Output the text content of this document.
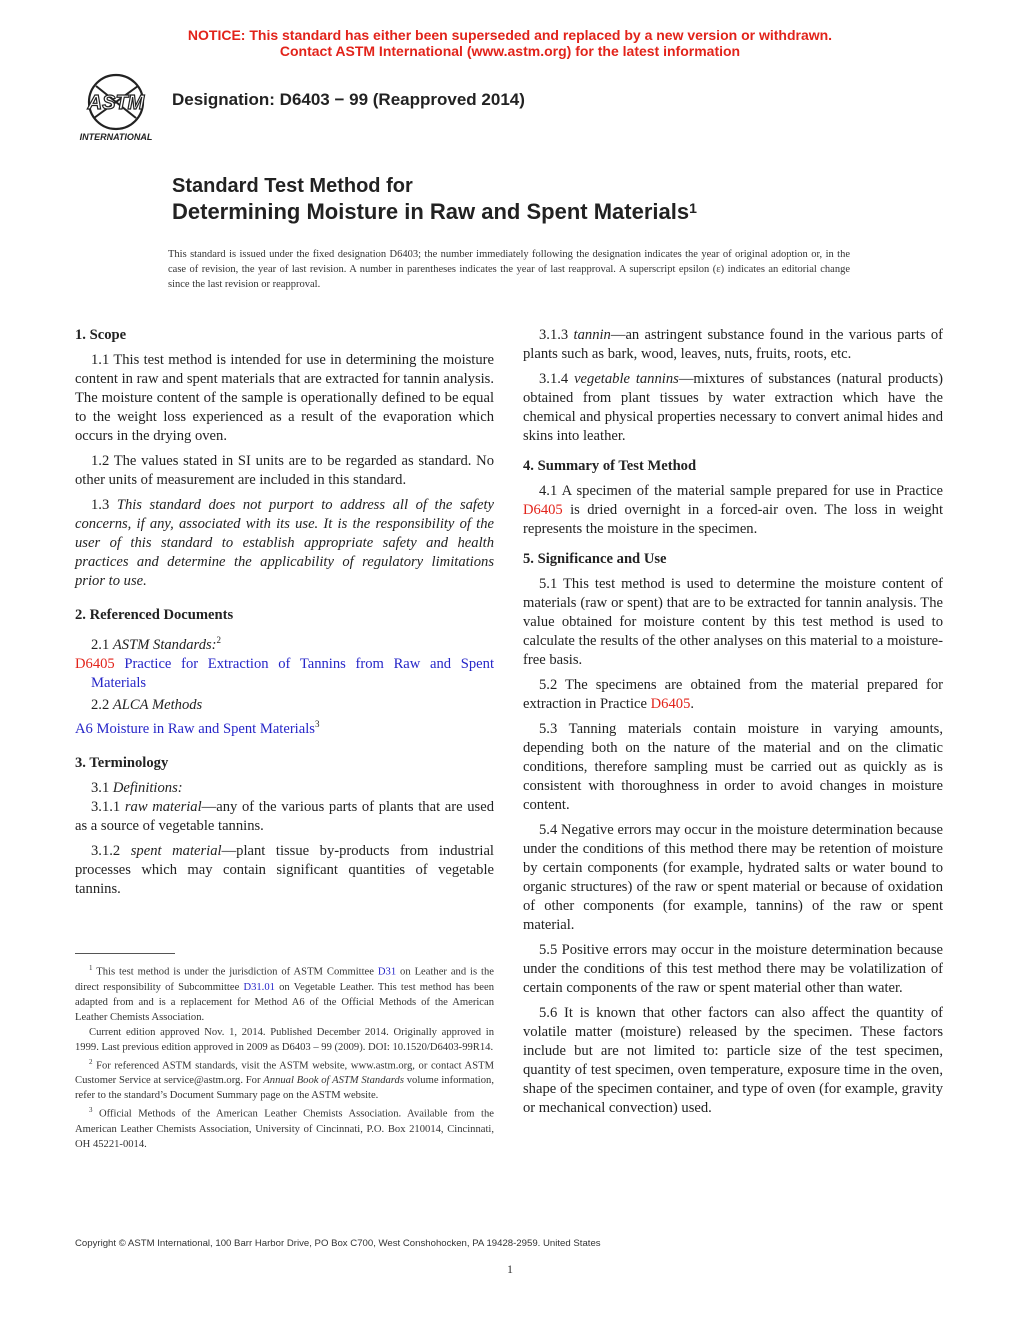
NOTICE: This standard has either been superseded and replaced by a new version or withdrawn.
Contact ASTM International (www.astm.org) for the latest information
ASTM
INTERNATIONAL
Designation: D6403 − 99 (Reapproved 2014)
Standard Test Method for
Determining Moisture in Raw and Spent Materials$^1$
This standard is issued under the fixed designation D6403; the number immediately following the designation indicates the year of original adoption or, in the case of revision, the year of last revision. A number in parentheses indicates the year of last reapproval. A superscript epsilon (ε) indicates an editorial change since the last revision or reapproval.

1. Scope

1.1 This test method is intended for use in determining the moisture content in raw and spent materials that are extracted for tannin analysis. The moisture content of the sample is operationally defined to be equal to the weight loss experienced as a result of the evaporation which occurs in the drying oven.

1.2 The values stated in SI units are to be regarded as standard. No other units of measurement are included in this standard.

1.3 This standard does not purport to address all of the safety concerns, if any, associated with its use. It is the responsibility of the user of this standard to establish appropriate safety and health practices and determine the applicability of regulatory limitations prior to use.

2. Referenced Documents

2.1 ASTM Standards:$^2$

D6405 Practice for Extraction of Tannins from Raw and Spent Materials

2.2 ALCA Methods

A6 Moisture in Raw and Spent Materials$^3$

3. Terminology

3.1 Definitions:

3.1.1 raw material—any of the various parts of plants that are used as a source of vegetable tannins.

3.1.2 spent material—plant tissue by-products from industrial processes which may contain significant quantities of vegetable tannins.

$^1$ This test method is under the jurisdiction of ASTM Committee D31 on Leather and is the direct responsibility of Subcommittee D31.01 on Vegetable Leather. This test method has been adapted from and is a replacement for Method A6 of the Official Methods of the American Leather Chemists Association.

Current edition approved Nov. 1, 2014. Published December 2014. Originally approved in 1999. Last previous edition approved in 2009 as D6403 – 99 (2009). DOI: 10.1520/D6403-99R14.

$^2$ For referenced ASTM standards, visit the ASTM website, www.astm.org, or contact ASTM Customer Service at service@astm.org. For Annual Book of ASTM Standards volume information, refer to the standard’s Document Summary page on the ASTM website.

$^3$ Official Methods of the American Leather Chemists Association. Available from the American Leather Chemists Association, University of Cincinnati, P.O. Box 210014, Cincinnati, OH 45221-0014.

3.1.3 tannin—an astringent substance found in the various parts of plants such as bark, wood, leaves, nuts, fruits, roots, etc.

3.1.4 vegetable tannins—mixtures of substances (natural products) obtained from plant tissues by water extraction which have the chemical and physical properties necessary to convert animal hides and skins into leather.

4. Summary of Test Method

4.1 A specimen of the material sample prepared for use in Practice D6405 is dried overnight in a forced-air oven. The loss in weight represents the moisture in the specimen.

5. Significance and Use

5.1 This test method is used to determine the moisture content of materials (raw or spent) that are to be extracted for tannin analysis. The value obtained for moisture content by this test method is used to calculate the results of the other analyses on this material to a moisture-free basis.

5.2 The specimens are obtained from the material prepared for extraction in Practice D6405.

5.3 Tanning materials contain moisture in varying amounts, depending both on the nature of the material and on the climatic conditions, therefore sampling must be carried out as quickly as is consistent with thoroughness in order to avoid changes in moisture content.

5.4 Negative errors may occur in the moisture determination because under the conditions of this method there may be retention of moisture by certain components (for example, hydrated salts or water bound to organic structures) of the raw or spent material or because of oxidation of other components (for example, tannins) of the raw or spent material.

5.5 Positive errors may occur in the moisture determination because under the conditions of this test method there may be volatilization of certain components of the raw or spent material other than water.

5.6 It is known that other factors can also affect the quantity of volatile matter (moisture) released by the specimen. These factors include but are not limited to: particle size of the test specimen, quantity of test specimen, oven temperature, exposure time in the oven, shape of the specimen container, and type of oven (for example, gravity or mechanical convection) used.

Copyright © ASTM International, 100 Barr Harbor Drive, PO Box C700, West Conshohocken, PA 19428-2959. United States
1
